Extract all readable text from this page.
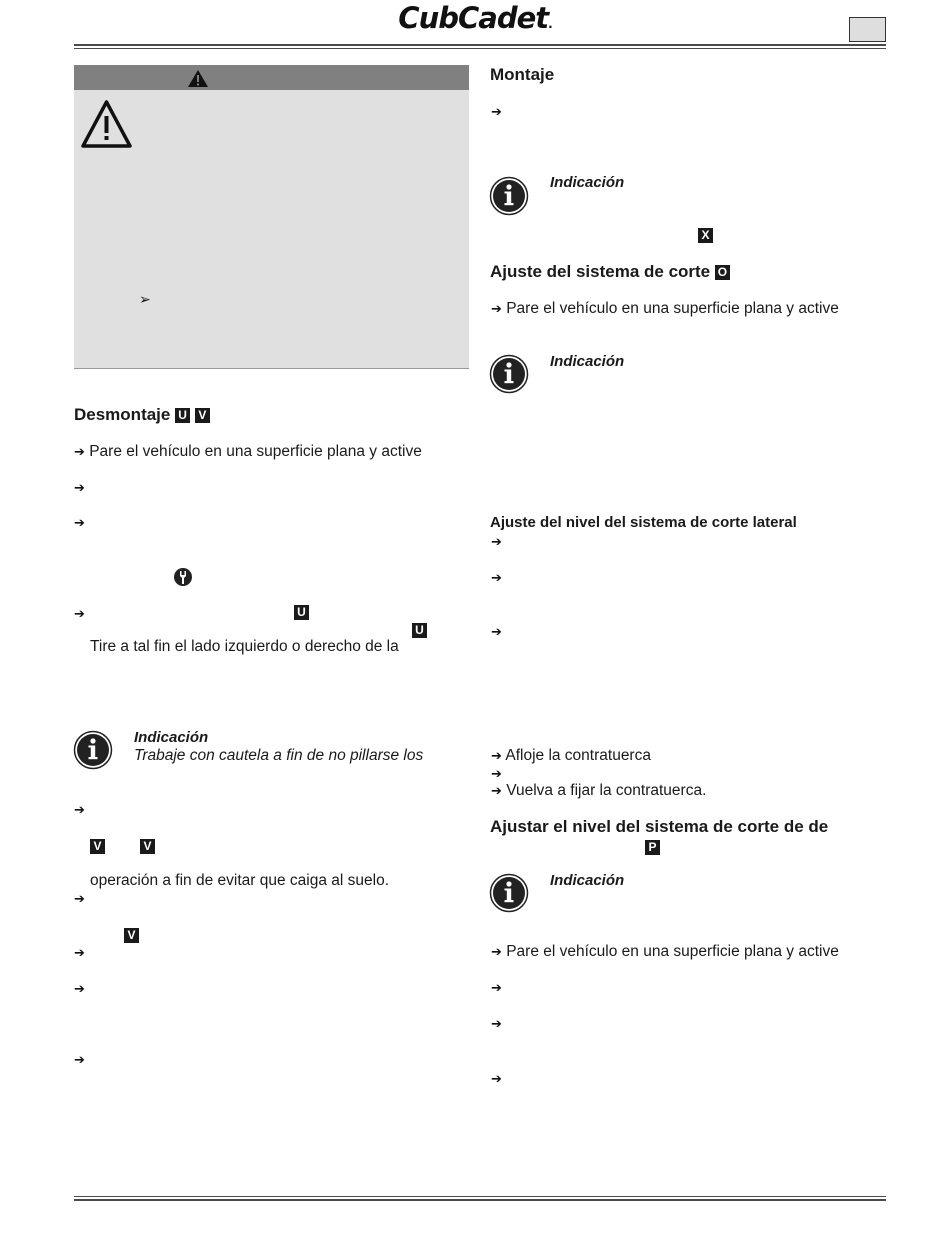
CubCadet.
➢
Desmontaje U V
➔ Pare el vehículo en una superficie plana y active
➔
➔
➔	U
U
Tire a tal fin el lado izquierdo o derecho de la
Indicación
Trabaje con cautela a fin de no pillarse los
➔
V	V
operación a fin de evitar que caiga al suelo.
➔
V
➔
➔
➔
Montaje
➔
Indicación
X
Ajuste del sistema de corte O
➔ Pare el vehículo en una superficie plana y active
Indicación
Ajuste del nivel del sistema de corte lateral
➔
➔
➔
➔ Afloje la contratuerca
➔
➔ Vuelva a fijar la contratuerca.
Ajustar el nivel del sistema de corte de de
P
Indicación
➔ Pare el vehículo en una superficie plana y active
➔
➔
➔
